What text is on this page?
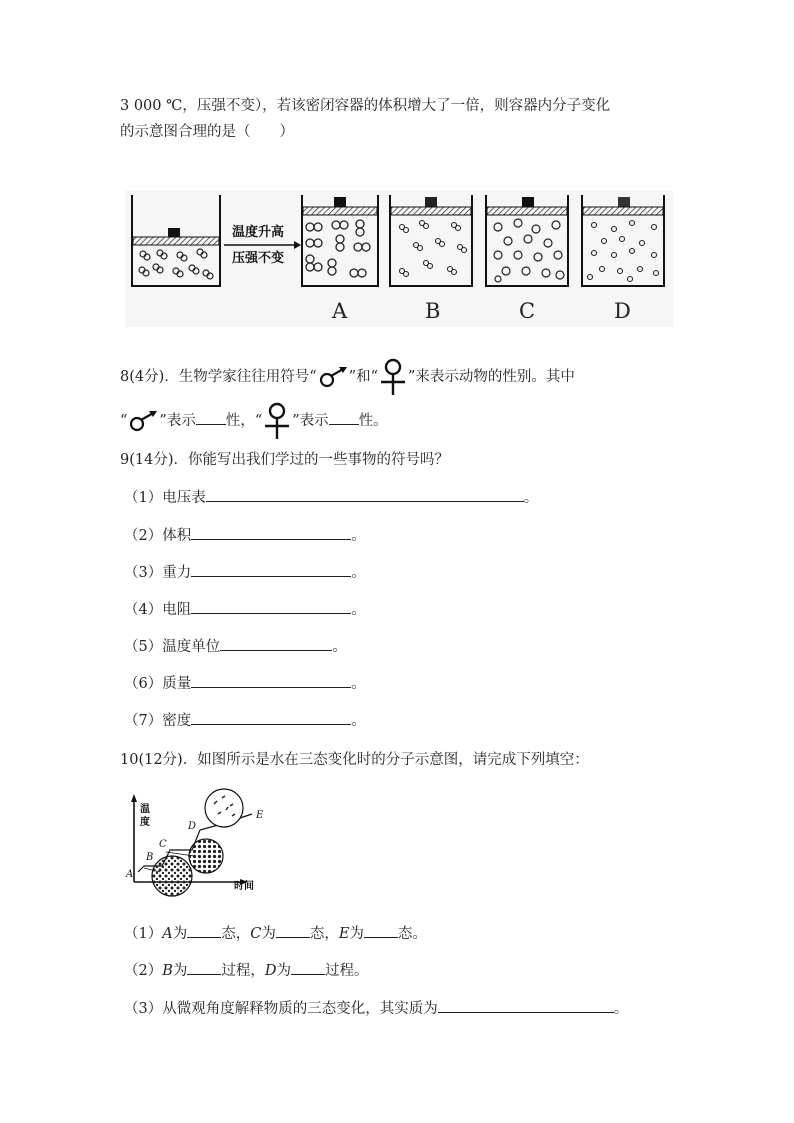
3 000 ℃，压强不变），若该密闭容器的体积增大了一倍，则容器内分子变化
的示意图合理的是（　　）
温度升高
压强不变
A	B	C	D
8(4分)．生物学家往往用符号“ ”和“ ”来表示动物的性别。其中
“ ”表示 性，“ ”表示 性。
9(14分)．你能写出我们学过的一些事物的符号吗？
（1）电压表	。
（2）体积	。
（3）重力	。
（4）电阻	。
（5）温度单位	。
（6）质量	。
（7）密度	。
10(12分)．如图所示是水在三态变化时的分子示意图，请完成下列填空：
温
度
时间
A
B
C
D
E
（1）A为 态，C为 态，E为 态。
（2）B为 过程，D为 过程。
（3）从微观角度解释物质的三态变化，其实质为	。
